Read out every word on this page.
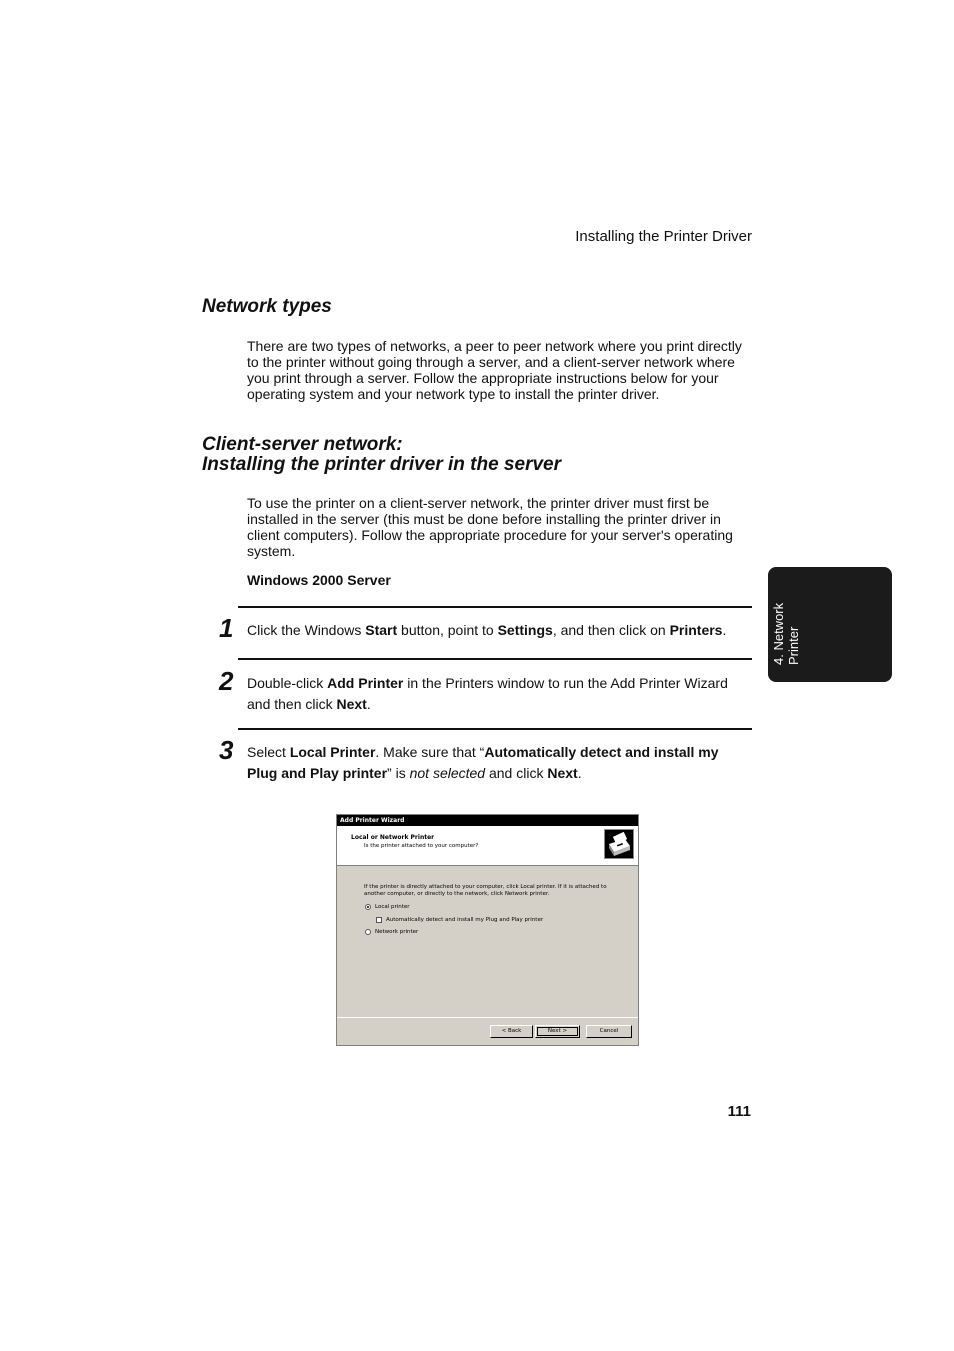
Installing the Printer Driver
Network types

There are two types of networks, a peer to peer network where you print directly to the printer without going through a server, and a client-server network where you print through a server. Follow the appropriate instructions below for your operating system and your network type to install the printer driver.

Client-server network:
Installing the printer driver in the server

To use the printer on a client-server network, the printer driver must first be installed in the server (this must be done before installing the printer driver in client computers). Follow the appropriate procedure for your server's operating system.

Windows 2000 Server
1 Click the Windows Start button, point to Settings, and then click on Printers.

2 Double-click Add Printer in the Printers window to run the Add Printer Wizard and then click Next.

3 Select Local Printer. Make sure that “Automatically detect and install my Plug and Play printer” is not selected and click Next.

Add Printer Wizard
Local or Network Printer
Is the printer attached to your computer?
If the printer is directly attached to your computer, click Local printer. If it is attached to another computer, or directly to the network, click Network printer.
Local printer
Automatically detect and install my Plug and Play printer
Network printer
< Back	Next >	Cancel
4. Network Printer
111
